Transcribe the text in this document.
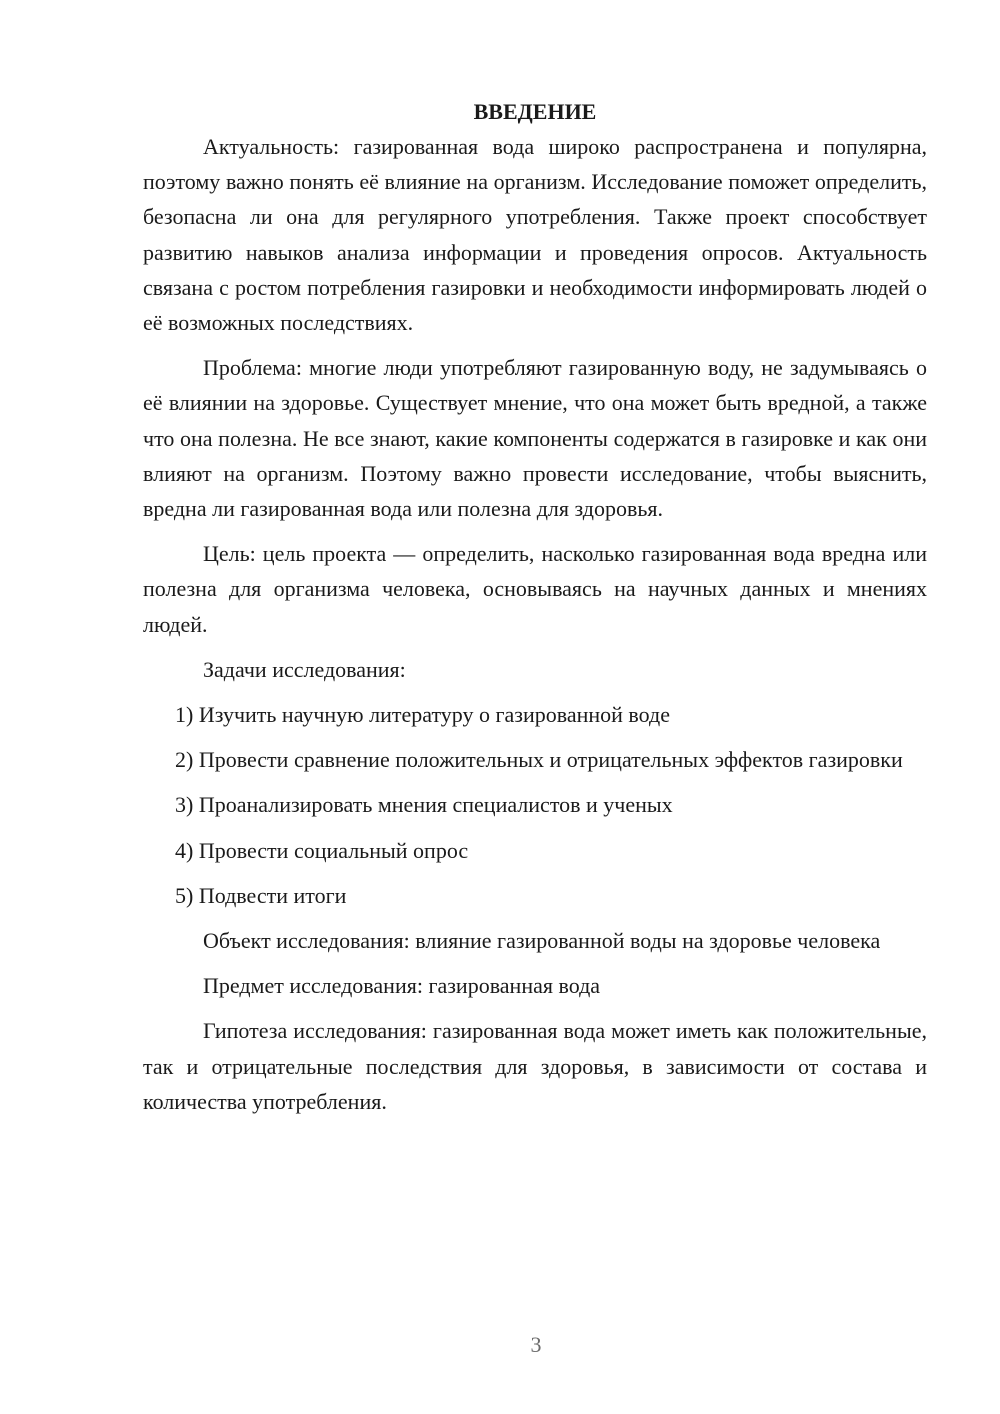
ВВЕДЕНИЕ

Актуальность: газированная вода широко распространена и популярна, поэтому важно понять её влияние на организм. Исследование поможет определить, безопасна ли она для регулярного употребления. Также проект способствует развитию навыков анализа информации и проведения опросов. Актуальность связана с ростом потребления газировки и необходимости информировать людей о её возможных последствиях.

Проблема: многие люди употребляют газированную воду, не задумываясь о её влиянии на здоровье. Существует мнение, что она может быть вредной, а также что она полезна. Не все знают, какие компоненты содержатся в газировке и как они влияют на организм. Поэтому важно провести исследование, чтобы выяснить, вредна ли газированная вода или полезна для здоровья.

Цель: цель проекта — определить, насколько газированная вода вредна или полезна для организма человека, основываясь на научных данных и мнениях людей.

Задачи исследования:

1) Изучить научную литературу о газированной воде

2) Провести сравнение положительных и отрицательных эффектов газировки

3) Проанализировать мнения специалистов и ученых

4) Провести социальный опрос

5) Подвести итоги

Объект исследования: влияние газированной воды на здоровье человека

Предмет исследования: газированная вода

Гипотеза исследования: газированная вода может иметь как положительные, так и отрицательные последствия для здоровья, в зависимости от состава и количества употребления.

3
